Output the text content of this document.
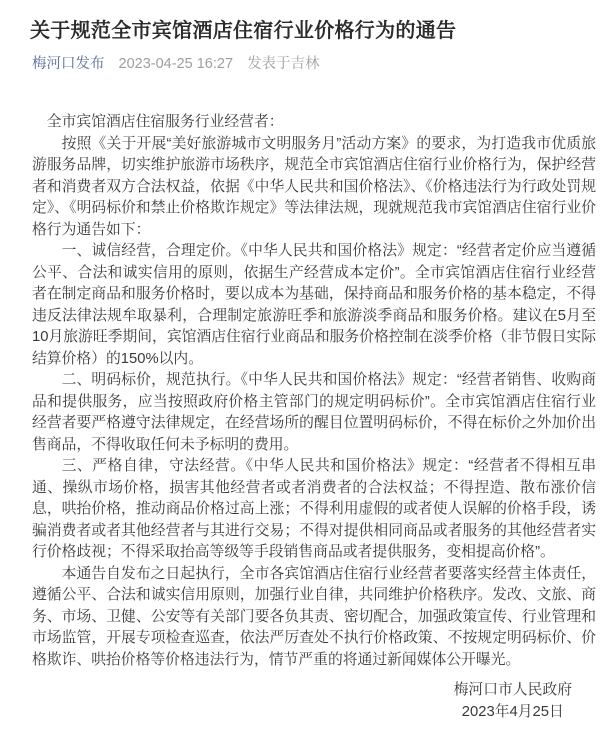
关于规范全市宾馆酒店住宿行业价格行为的通告
梅河口发布 2023-04-25 16:27 发表于吉林

全市宾馆酒店住宿服务行业经营者：

按照《关于开展“美好旅游城市文明服务月”活动方案》的要求，为打造我市优质旅游服务品牌，切实维护旅游市场秩序，规范全市宾馆酒店住宿行业价格行为，保护经营者和消费者双方合法权益，依据《中华人民共和国价格法》、《价格违法行为行政处罚规定》、《明码标价和禁止价格欺诈规定》等法律法规，现就规范我市宾馆酒店住宿行业价格行为通告如下：

一、诚信经营，合理定价。《中华人民共和国价格法》规定：“经营者定价应当遵循公平、合法和诚实信用的原则，依据生产经营成本定价”。全市宾馆酒店住宿行业经营者在制定商品和服务价格时，要以成本为基础，保持商品和服务价格的基本稳定，不得违反法律法规牟取暴利，合理制定旅游旺季和旅游淡季商品和服务价格。建议在5月至10月旅游旺季期间，宾馆酒店住宿行业商品和服务价格控制在淡季价格（非节假日实际结算价格）的150%以内。

二、明码标价，规范执行。《中华人民共和国价格法》规定：“经营者销售、收购商品和提供服务，应当按照政府价格主管部门的规定明码标价”。全市宾馆酒店住宿行业经营者要严格遵守法律规定，在经营场所的醒目位置明码标价，不得在标价之外加价出售商品，不得收取任何未予标明的费用。

三、严格自律，守法经营。《中华人民共和国价格法》规定：“经营者不得相互串通、操纵市场价格，损害其他经营者或者消费者的合法权益；不得捏造、散布涨价信息，哄抬价格，推动商品价格过高上涨；不得利用虚假的或者使人误解的价格手段，诱骗消费者或者其他经营者与其进行交易；不得对提供相同商品或者服务的其他经营者实行价格歧视；不得采取抬高等级等手段销售商品或者提供服务，变相提高价格”。

本通告自发布之日起执行，全市各宾馆酒店住宿行业经营者要落实经营主体责任，遵循公平、合法和诚实信用原则，加强行业自律，共同维护价格秩序。发改、文旅、商务、市场、卫健、公安等有关部门要各负其责、密切配合，加强政策宣传、行业管理和市场监管，开展专项检查巡查，依法严厉查处不执行价格政策、不按规定明码标价、价格欺诈、哄抬价格等价格违法行为，情节严重的将通过新闻媒体公开曝光。

梅河口市人民政府
2023年4月25日
